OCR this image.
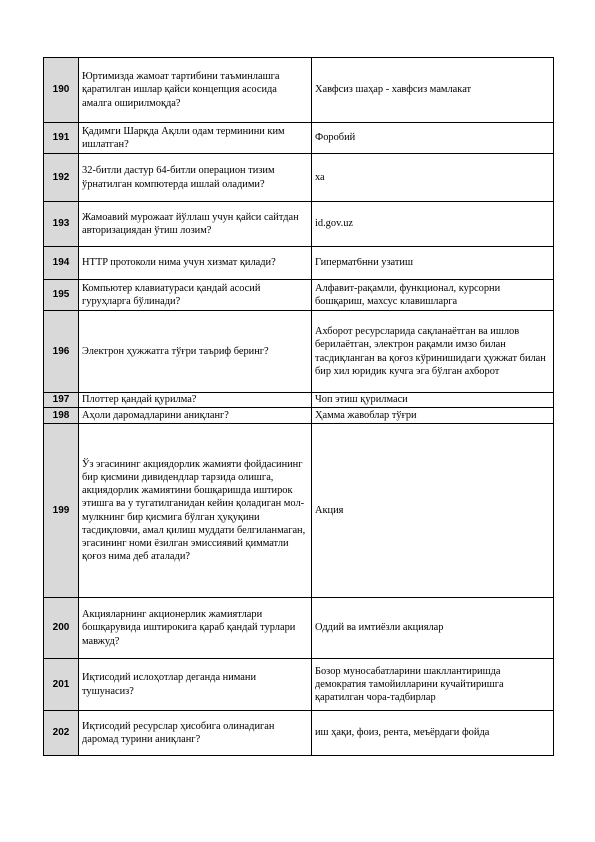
190	Юртимизда жамоат тартибини таъминлашга қаратилган ишлар қайси концепция асосида амалга оширилмоқда?	Хавфсиз шаҳар - хавфсиз мамлакат
191	Қадимги Шарқда Ақлли одам терминини ким ишлатган?	Форобий
192	32-битли дастур 64-битли операцион тизим ўрнатилган компютерда ишлай оладими?	ха
193	Жамоавий мурожаат йўллаш учун қайси сайтдан авторизациядан ўтиш лозим?	id.gov.uz
194	HTTP протоколи нима учун хизмат қилади?	Гипермат6нни узатиш
195	Компьютер клавиатураси қандай асосий гуруҳларга бўлинади?	Алфавит-рақамли, функционал, курсорни бошқариш, махсус клавишларга
196	Электрон ҳужжатга тўғри таъриф беринг?	Ахборот ресурсларида сақланаётган ва ишлов берилаётган, электрон рақамли имзо билан тасдиқланган ва қоғоз кўринишидаги ҳужжат билан бир хил юридик кучга эга бўлган ахборот
197	Плоттер қандай қурилма?	Чоп этиш қурилмаси
198	Аҳоли даромадларини аниқланг?	Ҳамма жавоблар тўғри
199	Ўз эгасининг акциядорлик жамияти фойдасининг бир қисмини дивидендлар тарзида олишга, акциядорлик жамиятини бошқаришда иштирок этишга ва у тугатилганидан кейин қоладиган мол-мулкнинг бир қисмига бўлган ҳуқуқини тасдиқловчи, амал қилиш муддати белгиланмаган, эгасининг номи ёзилган эмиссиявий қимматли қоғоз нима деб аталади?	Акция
200	Акцияларнинг акционерлик жамиятлари бошқарувида иштирокига қараб қандай турлари мавжуд?	Оддий ва имтиёзли акциялар
201	Иқтисодий ислоҳотлар деганда нимани тушунасиз?	Бозор муносабатларини шакллантиришда демократия тамойилларини кучайтиришга қаратилган чора-тадбирлар
202	Иқтисодий ресурслар ҳисобига олинадиган даромад турини аниқланг?	иш ҳақи, фоиз, рента, меъёрдаги фойда
